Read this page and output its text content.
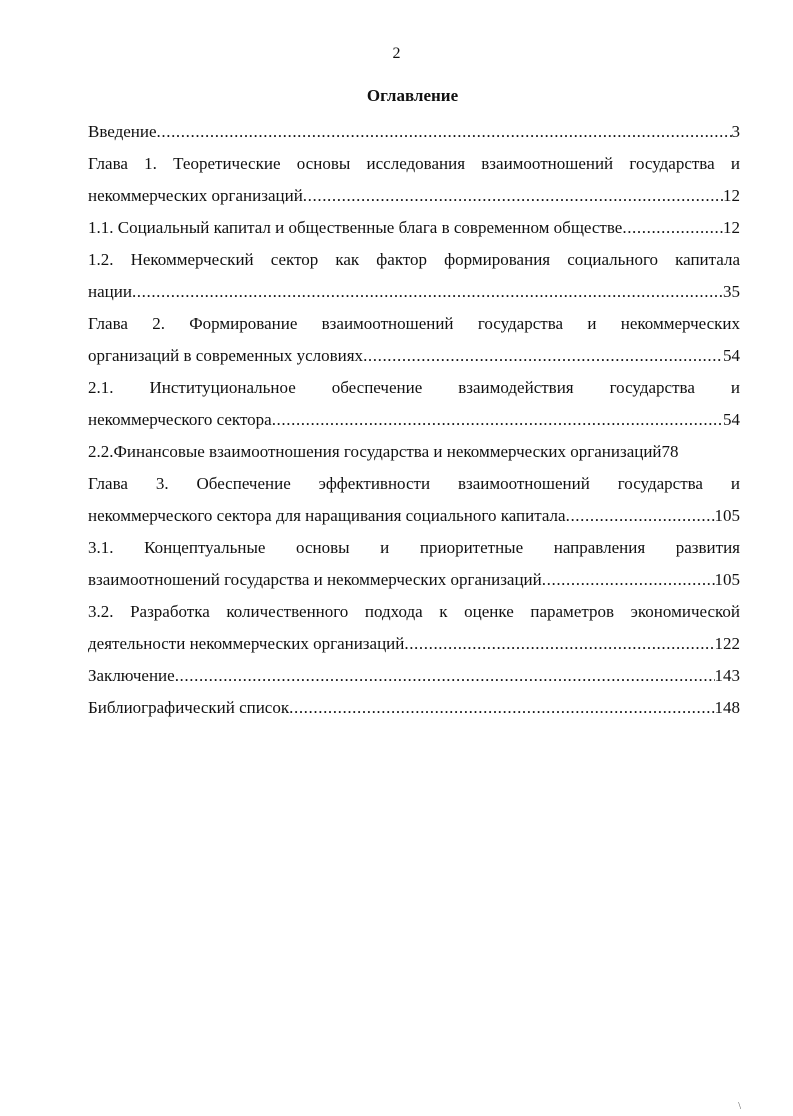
2
Оглавление
Введение .....	3
Глава 1. Теоретические основы исследования взаимоотношений государства и
некоммерческих организаций .....	12
1.1. Социальный капитал и общественные блага в современном обществе .....	12
1.2. Некоммерческий сектор как фактор формирования социального капитала
нации .....	35
Глава 2. Формирование взаимоотношений государства и некоммерческих
организаций в современных условиях .....	54
2.1. Институциональное обеспечение взаимодействия государства и
некоммерческого сектора .....	54
2.2.Финансовые взаимоотношения государства и некоммерческих организаций 78
Глава 3. Обеспечение эффективности взаимоотношений государства и
некоммерческого сектора для наращивания социального капитала .....	105
3.1. Концептуальные основы и приоритетные направления развития
взаимоотношений государства и некоммерческих организаций .....	105
3.2. Разработка количественного подхода к оценке параметров экономической
деятельности некоммерческих организаций .....	122
Заключение .....	143
Библиографический список .....	148
\
